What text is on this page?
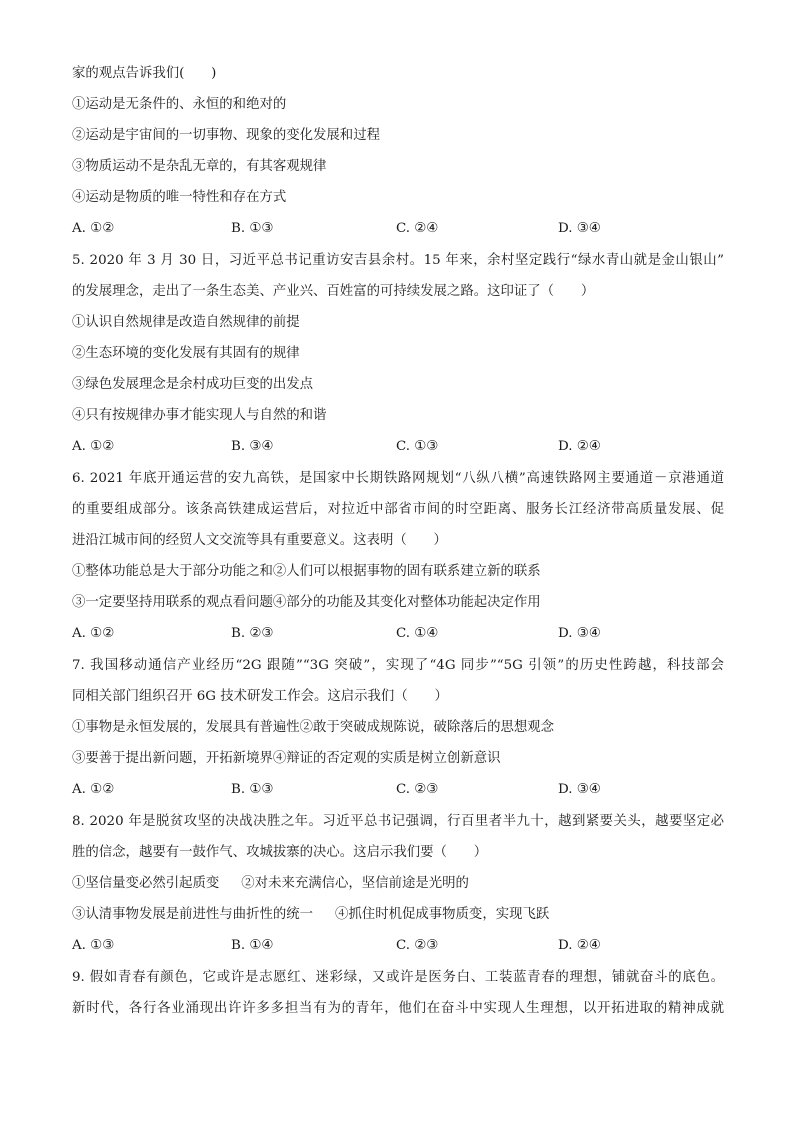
家的观点告诉我们(　　)
①运动是无条件的、永恒的和绝对的
②运动是宇宙间的一切事物、现象的变化发展和过程
③物质运动不是杂乱无章的，有其客观规律
④运动是物质的唯一特性和存在方式
A. ①②	B. ①③	C. ②④	D. ③④
5. 2020 年 3 月 30 日，习近平总书记重访安吉县余村。15 年来，余村坚定践行“绿水青山就是金山银山”
的发展理念，走出了一条生态美、产业兴、百姓富的可持续发展之路。这印证了（　　）
①认识自然规律是改造自然规律的前提
②生态环境的变化发展有其固有的规律
③绿色发展理念是余村成功巨变的出发点
④只有按规律办事才能实现人与自然的和谐
A. ①②	B. ③④	C. ①③	D. ②④
6. 2021 年底开通运营的安九高铁，是国家中长期铁路网规划“八纵八横”高速铁路网主要通道－京港通道
的重要组成部分。该条高铁建成运营后，对拉近中部省市间的时空距离、服务长江经济带高质量发展、促
进沿江城市间的经贸人文交流等具有重要意义。这表明（　　）
①整体功能总是大于部分功能之和②人们可以根据事物的固有联系建立新的联系
③一定要坚持用联系的观点看问题④部分的功能及其变化对整体功能起决定作用
A. ①②	B. ②③	C. ①④	D. ③④
7. 我国移动通信产业经历“2G 跟随”“3G 突破”，实现了“4G 同步”“5G 引领”的历史性跨越，科技部会
同相关部门组织召开 6G 技术研发工作会。这启示我们（　　）
①事物是永恒发展的，发展具有普遍性②敢于突破成规陈说，破除落后的思想观念
③要善于提出新问题，开拓新境界④辩证的否定观的实质是树立创新意识
A. ①②	B. ①③	C. ②③	D. ③④
8. 2020 年是脱贫攻坚的决战决胜之年。习近平总书记强调，行百里者半九十，越到紧要关头，越要坚定必
胜的信念，越要有一鼓作气、攻城拔寨的决心。这启示我们要（　　）
①坚信量变必然引起质变 ②对未来充满信心，坚信前途是光明的
③认清事物发展是前进性与曲折性的统一 ④抓住时机促成事物质变，实现飞跃
A. ①③	B. ①④	C. ②③	D. ②④
9. 假如青春有颜色，它或许是志愿红、迷彩绿，又或许是医务白、工装蓝青春的理想，铺就奋斗的底色。
新时代，各行各业涌现出许许多多担当有为的青年，他们在奋斗中实现人生理想，以开拓进取的精神成就
